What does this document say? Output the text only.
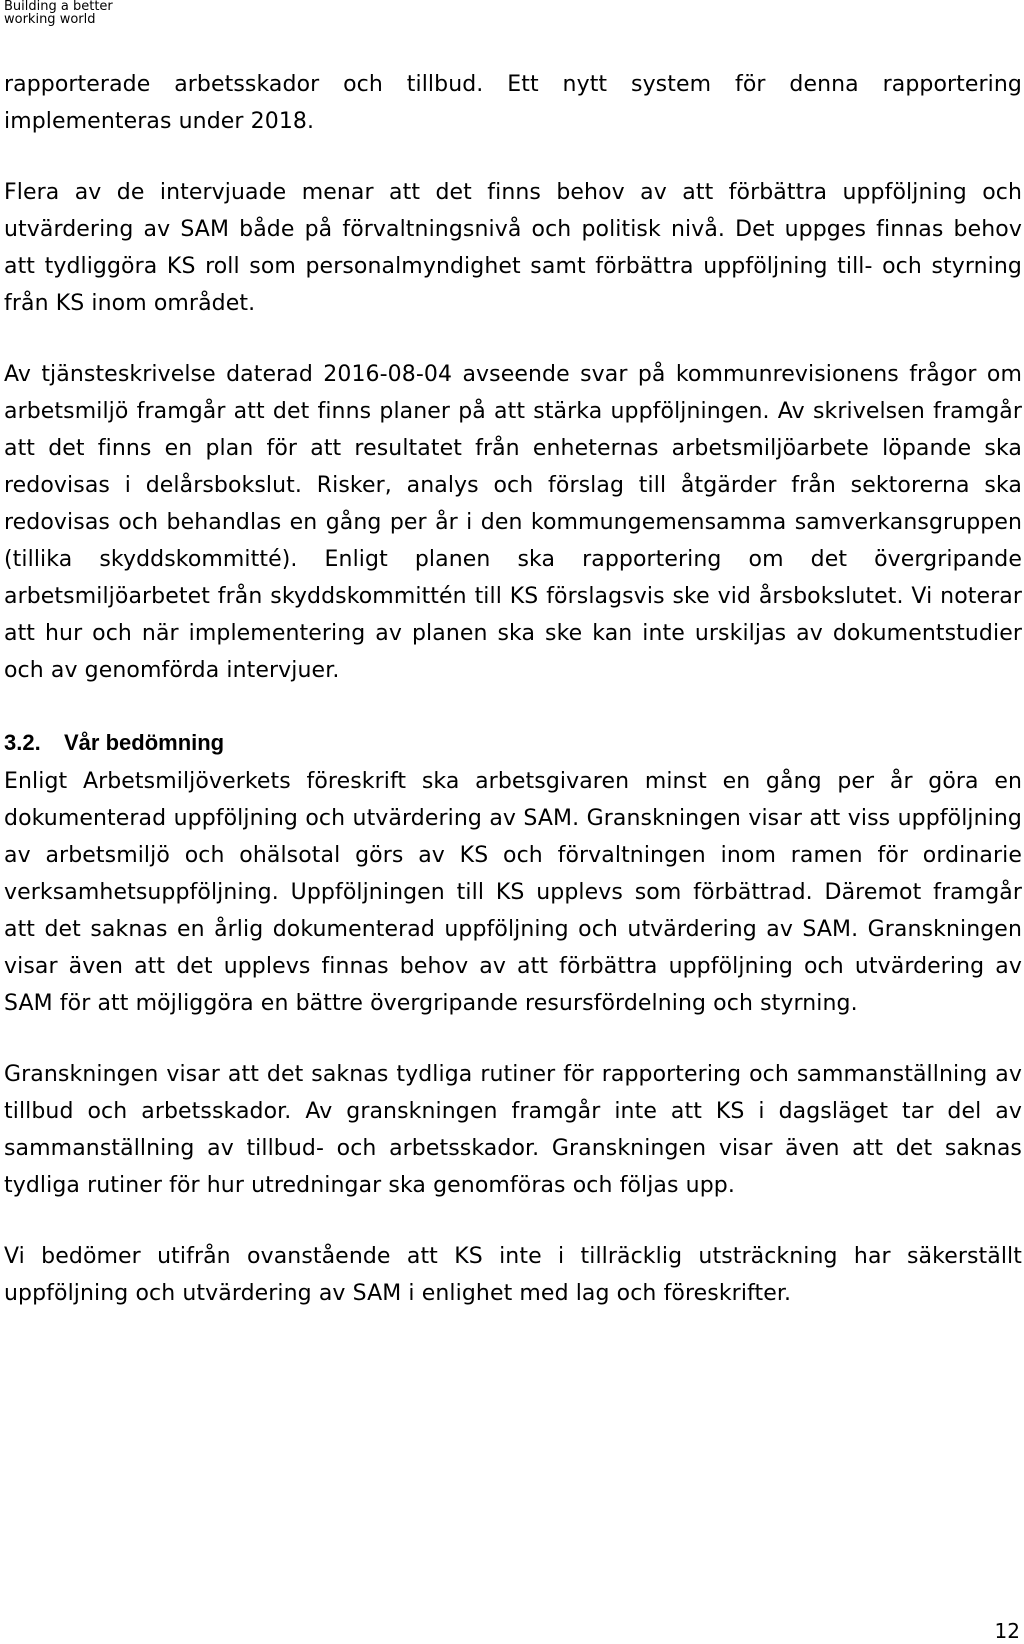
Building a better
working world

rapporterade arbetsskador och tillbud. Ett nytt system för denna rapportering implementeras under 2018.

Flera av de intervjuade menar att det finns behov av att förbättra uppföljning och utvärdering av SAM både på förvaltningsnivå och politisk nivå. Det uppges finnas behov att tydliggöra KS roll som personalmyndighet samt förbättra uppföljning till- och styrning från KS inom området.

Av tjänsteskrivelse daterad 2016-08-04 avseende svar på kommunrevisionens frågor om arbetsmiljö framgår att det finns planer på att stärka uppföljningen. Av skrivelsen framgår att det finns en plan för att resultatet från enheternas arbetsmiljöarbete löpande ska redovisas i delårsbokslut. Risker, analys och förslag till åtgärder från sektorerna ska redovisas och behandlas en gång per år i den kommungemensamma samverkansgruppen (tillika skyddskommitté). Enligt planen ska rapportering om det övergripande arbetsmiljöarbetet från skyddskommittén till KS förslagsvis ske vid årsbokslutet. Vi noterar att hur och när implementering av planen ska ske kan inte urskiljas av dokumentstudier och av genomförda intervjuer.

3.2. Vår bedömning

Enligt Arbetsmiljöverkets föreskrift ska arbetsgivaren minst en gång per år göra en dokumenterad uppföljning och utvärdering av SAM. Granskningen visar att viss uppföljning av arbetsmiljö och ohälsotal görs av KS och förvaltningen inom ramen för ordinarie verksamhetsuppföljning. Uppföljningen till KS upplevs som förbättrad. Däremot framgår att det saknas en årlig dokumenterad uppföljning och utvärdering av SAM. Granskningen visar även att det upplevs finnas behov av att förbättra uppföljning och utvärdering av SAM för att möjliggöra en bättre övergripande resursfördelning och styrning.

Granskningen visar att det saknas tydliga rutiner för rapportering och sammanställning av tillbud och arbetsskador. Av granskningen framgår inte att KS i dagsläget tar del av sammanställning av tillbud- och arbetsskador. Granskningen visar även att det saknas tydliga rutiner för hur utredningar ska genomföras och följas upp.

Vi bedömer utifrån ovanstående att KS inte i tillräcklig utsträckning har säkerställt uppföljning och utvärdering av SAM i enlighet med lag och föreskrifter.

12
